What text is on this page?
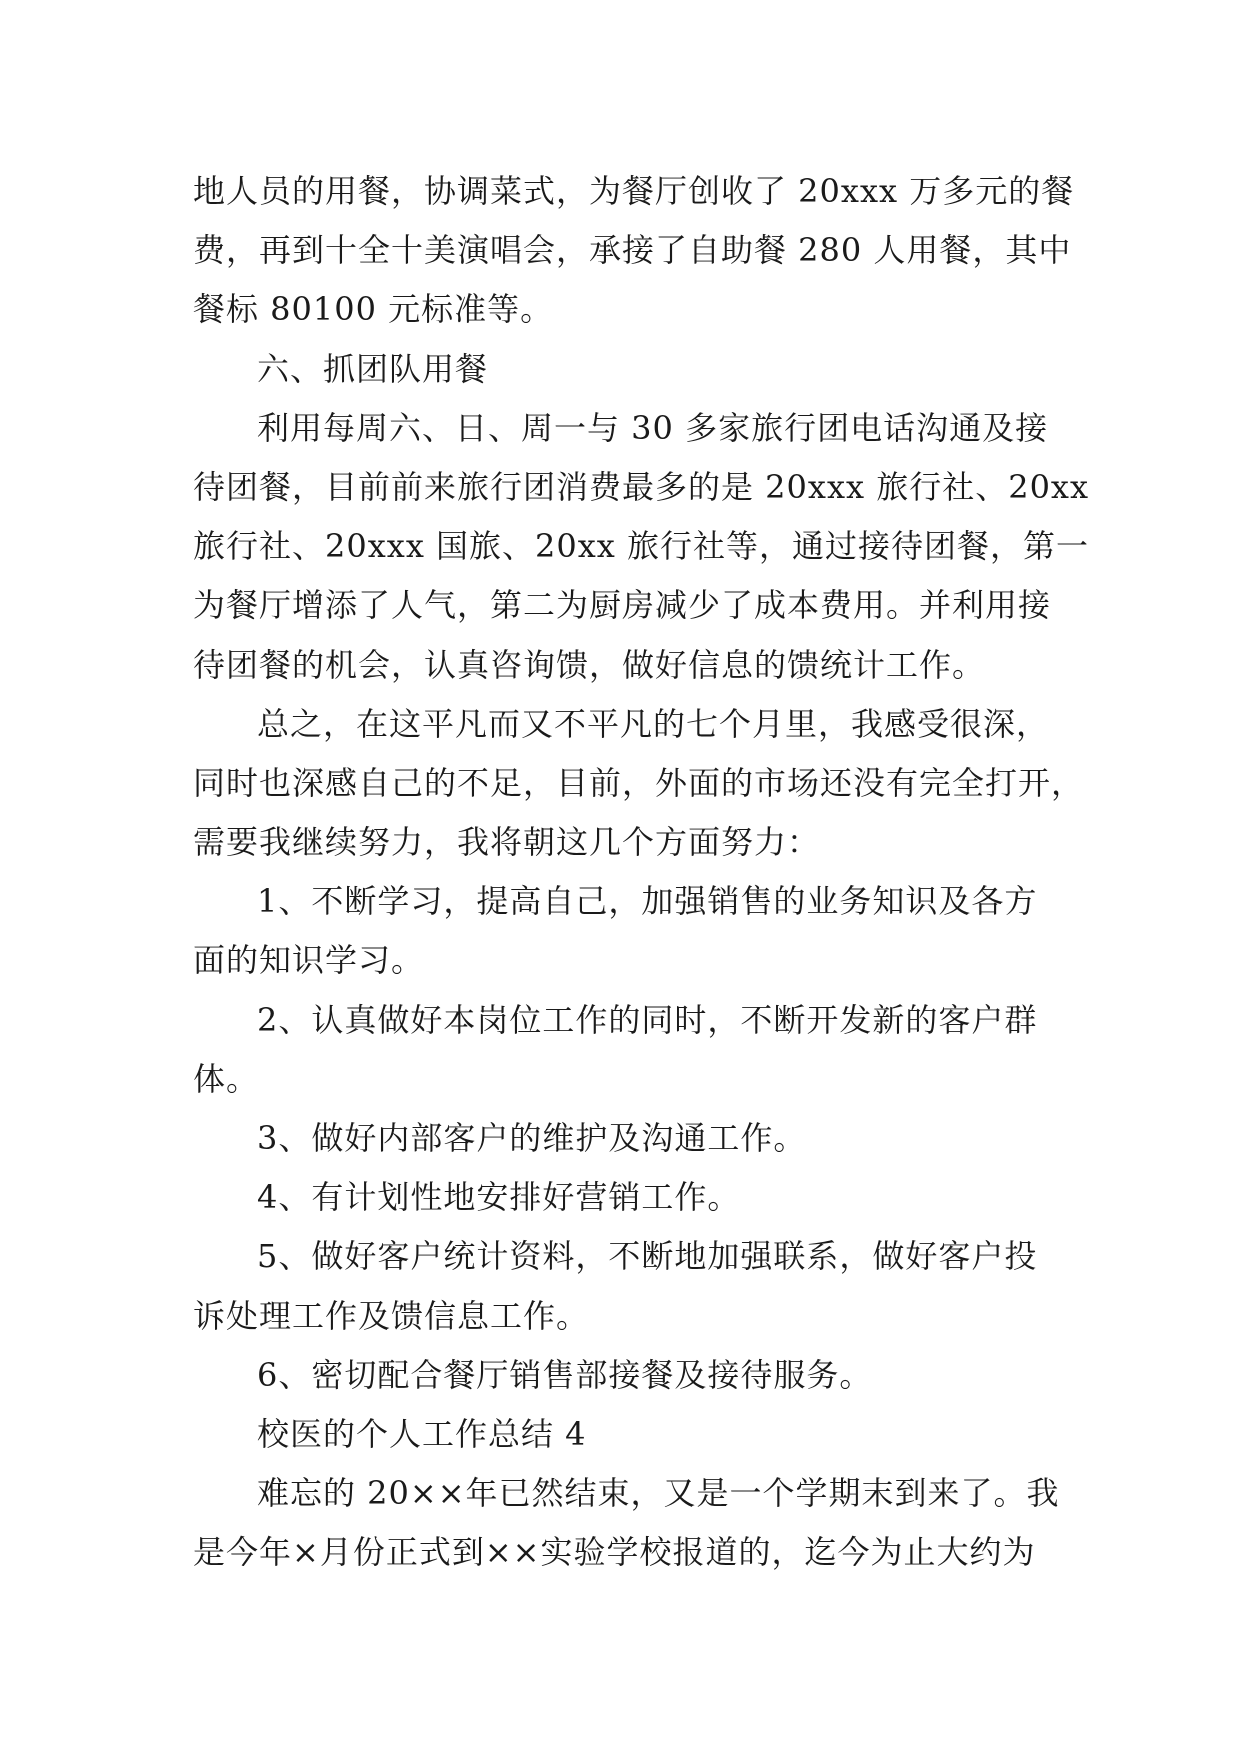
地人员的用餐，协调菜式，为餐厅创收了 20xxx 万多元的餐
费，再到十全十美演唱会，承接了自助餐 280 人用餐，其中
餐标 80100 元标准等。
六、抓团队用餐
利用每周六、日、周一与 30 多家旅行团电话沟通及接
待团餐，目前前来旅行团消费最多的是 20xxx 旅行社、20xx
旅行社、20xxx 国旅、20xx 旅行社等，通过接待团餐，第一
为餐厅增添了人气，第二为厨房减少了成本费用。并利用接
待团餐的机会，认真咨询馈，做好信息的馈统计工作。
总之，在这平凡而又不平凡的七个月里，我感受很深，
同时也深感自己的不足，目前，外面的市场还没有完全打开，
需要我继续努力，我将朝这几个方面努力：
1、不断学习，提高自己，加强销售的业务知识及各方
面的知识学习。
2、认真做好本岗位工作的同时，不断开发新的客户群
体。
3、做好内部客户的维护及沟通工作。
4、有计划性地安排好营销工作。
5、做好客户统计资料，不断地加强联系，做好客户投
诉处理工作及馈信息工作。
6、密切配合餐厅销售部接餐及接待服务。
校医的个人工作总结 4
难忘的 20××年已然结束，又是一个学期末到来了。我
是今年×月份正式到××实验学校报道的，迄今为止大约为
